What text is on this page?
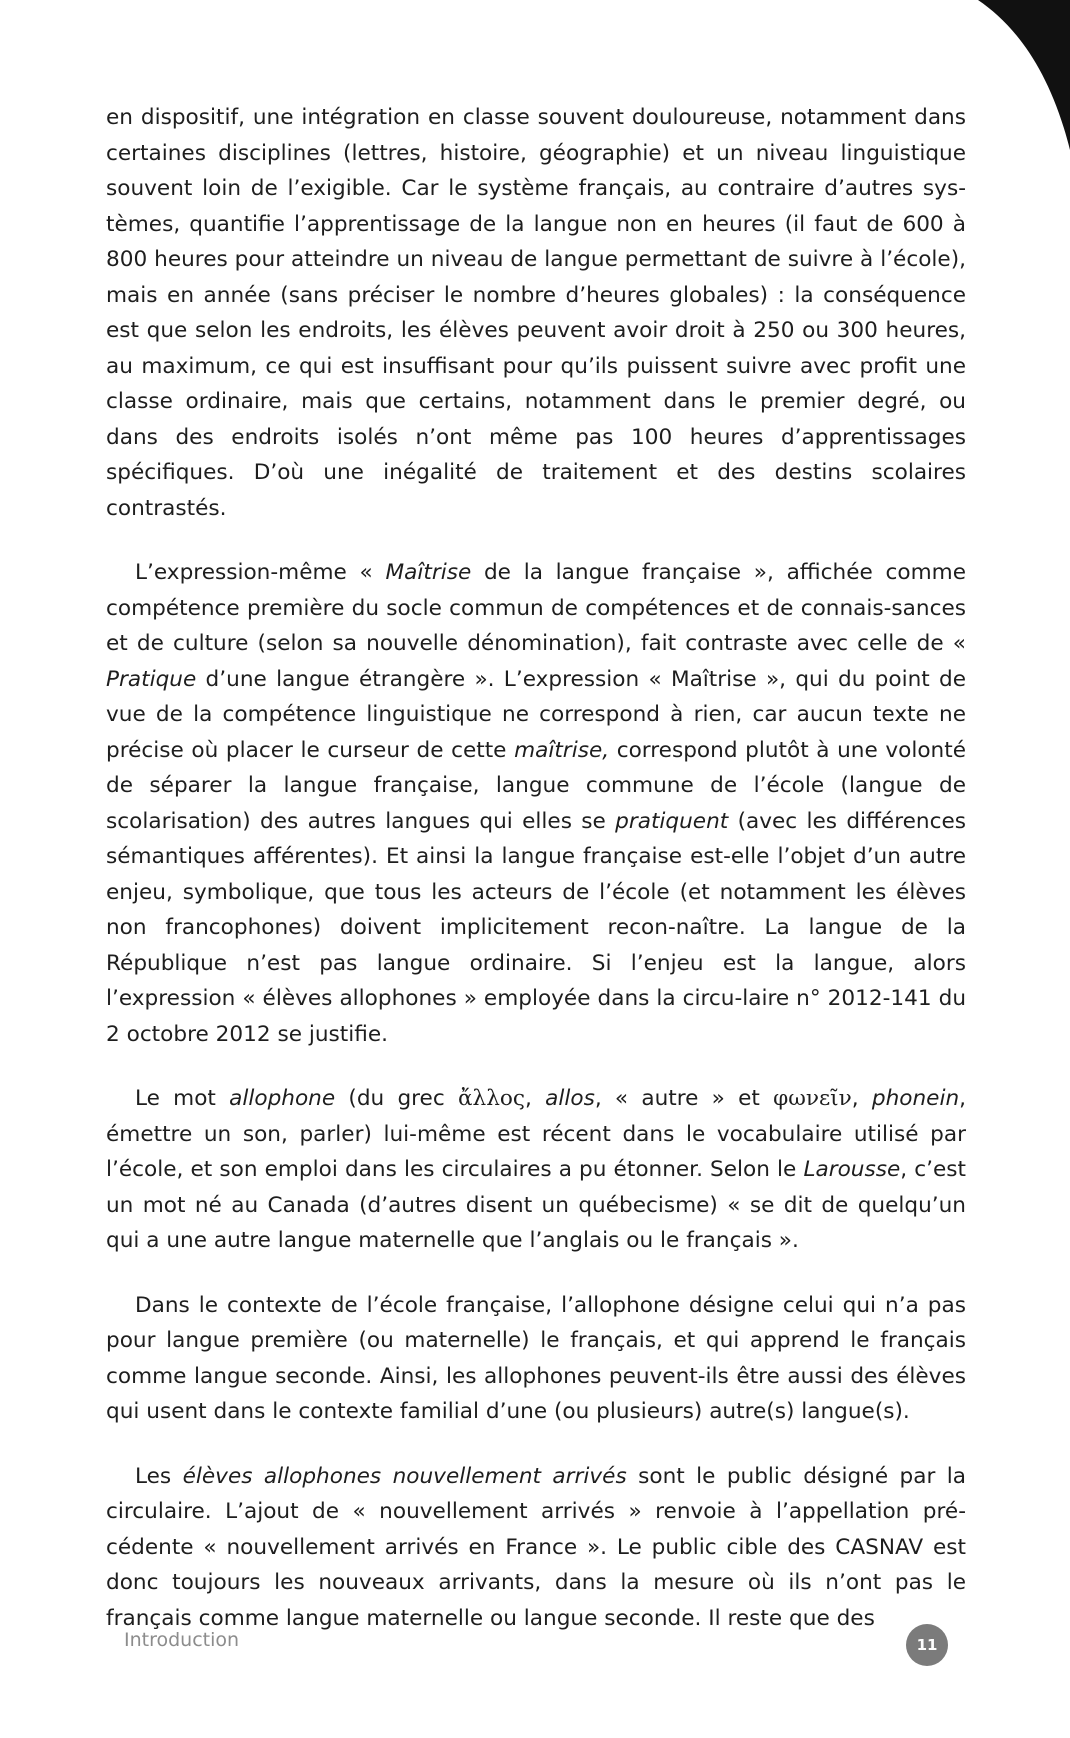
en dispositif, une intégration en classe souvent douloureuse, notamment dans certaines disciplines (lettres, histoire, géographie) et un niveau linguistique souvent loin de l’exigible. Car le système français, au contraire d’autres sys-tèmes, quantifie l’apprentissage de la langue non en heures (il faut de 600 à 800 heures pour atteindre un niveau de langue permettant de suivre à l’école), mais en année (sans préciser le nombre d’heures globales) : la conséquence est que selon les endroits, les élèves peuvent avoir droit à 250 ou 300 heures, au maximum, ce qui est insuffisant pour qu’ils puissent suivre avec profit une classe ordinaire, mais que certains, notamment dans le premier degré, ou dans des endroits isolés n’ont même pas 100 heures d’apprentissages spécifiques. D’où une inégalité de traitement et des destins scolaires contrastés.

L’expression-même « Maîtrise de la langue française », affichée comme compétence première du socle commun de compétences et de connais-sances et de culture (selon sa nouvelle dénomination), fait contraste avec celle de « Pratique d’une langue étrangère ». L’expression « Maîtrise », qui du point de vue de la compétence linguistique ne correspond à rien, car aucun texte ne précise où placer le curseur de cette maîtrise, correspond plutôt à une volonté de séparer la langue française, langue commune de l’école (langue de scolarisation) des autres langues qui elles se pratiquent (avec les différences sémantiques afférentes). Et ainsi la langue française est-elle l’objet d’un autre enjeu, symbolique, que tous les acteurs de l’école (et notamment les élèves non francophones) doivent implicitement recon-naître. La langue de la République n’est pas langue ordinaire. Si l’enjeu est la langue, alors l’expression « élèves allophones » employée dans la circu-laire n° 2012-141 du 2 octobre 2012 se justifie.

Le mot allophone (du grec ἄλλος, allos, « autre » et φωνεῖν, phonein, émettre un son, parler) lui-même est récent dans le vocabulaire utilisé par l’école, et son emploi dans les circulaires a pu étonner. Selon le Larousse, c’est un mot né au Canada (d’autres disent un québecisme) « se dit de quelqu’un qui a une autre langue maternelle que l’anglais ou le français ».

Dans le contexte de l’école française, l’allophone désigne celui qui n’a pas pour langue première (ou maternelle) le français, et qui apprend le français comme langue seconde. Ainsi, les allophones peuvent-ils être aussi des élèves qui usent dans le contexte familial d’une (ou plusieurs) autre(s) langue(s).

Les élèves allophones nouvellement arrivés sont le public désigné par la circulaire. L’ajout de « nouvellement arrivés » renvoie à l’appellation pré-cédente « nouvellement arrivés en France ». Le public cible des CASNAV est donc toujours les nouveaux arrivants, dans la mesure où ils n’ont pas le français comme langue maternelle ou langue seconde. Il reste que des

Introduction	11
